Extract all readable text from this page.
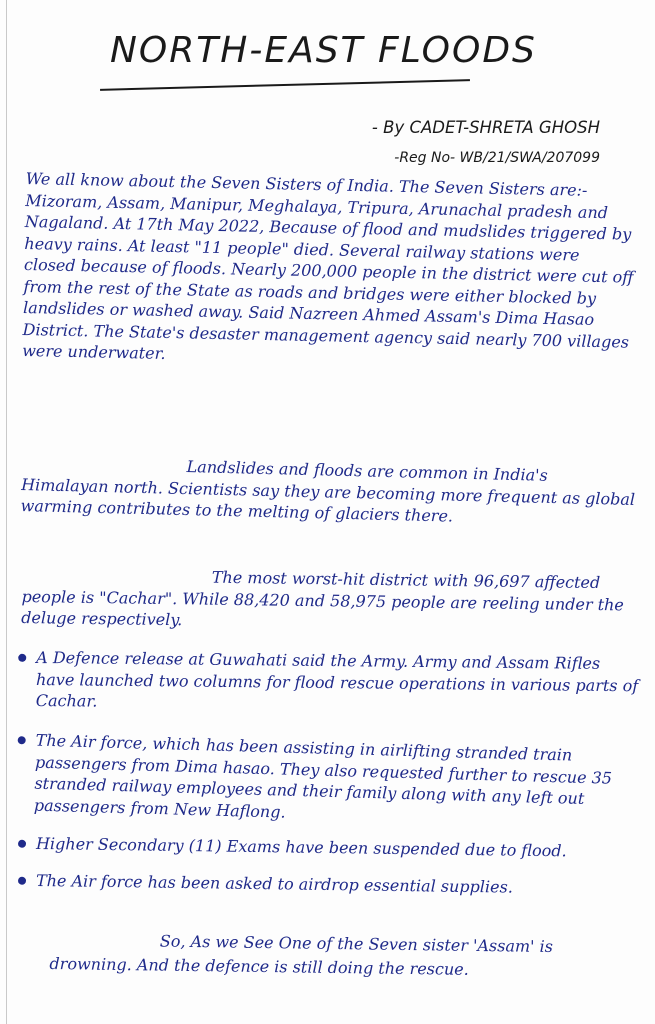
NORTH-EAST FLOODS
- By CADET-SHRETA GHOSH
-Reg No- WB/21/SWA/207099

We all know about the Seven Sisters of India. The Seven Sisters are:- Mizoram, Assam, Manipur, Meghalaya, Tripura, Arunachal pradesh and Nagaland. At 17th May 2022, Because of flood and mudslides triggered by heavy rains. At least "11 people" died. Several railway stations were closed because of floods. Nearly 200,000 people in the district were cut off from the rest of the State as roads and bridges were either blocked by landslides or washed away. Said Nazreen Ahmed Assam's Dima Hasao District. The State's desaster management agency said nearly 700 villages were underwater.

Landslides and floods are common in India's Himalayan north. Scientists say they are becoming more frequent as global warming contributes to the melting of glaciers there.

The most worst-hit district with 96,697 affected people is "Cachar". While 88,420 and 58,975 people are reeling under the deluge respectively.

A Defence release at Guwahati said the Army. Army and Assam Rifles have launched two columns for flood rescue operations in various parts of Cachar.
The Air force, which has been assisting in airlifting stranded train passengers from Dima hasao. They also requested further to rescue 35 stranded railway employees and their family along with any left out passengers from New Haflong.
Higher Secondary (11) Exams have been suspended due to flood.
The Air force has been asked to airdrop essential supplies.

So, As we See One of the Seven sister 'Assam' is drowning. And the defence is still doing the rescue.
